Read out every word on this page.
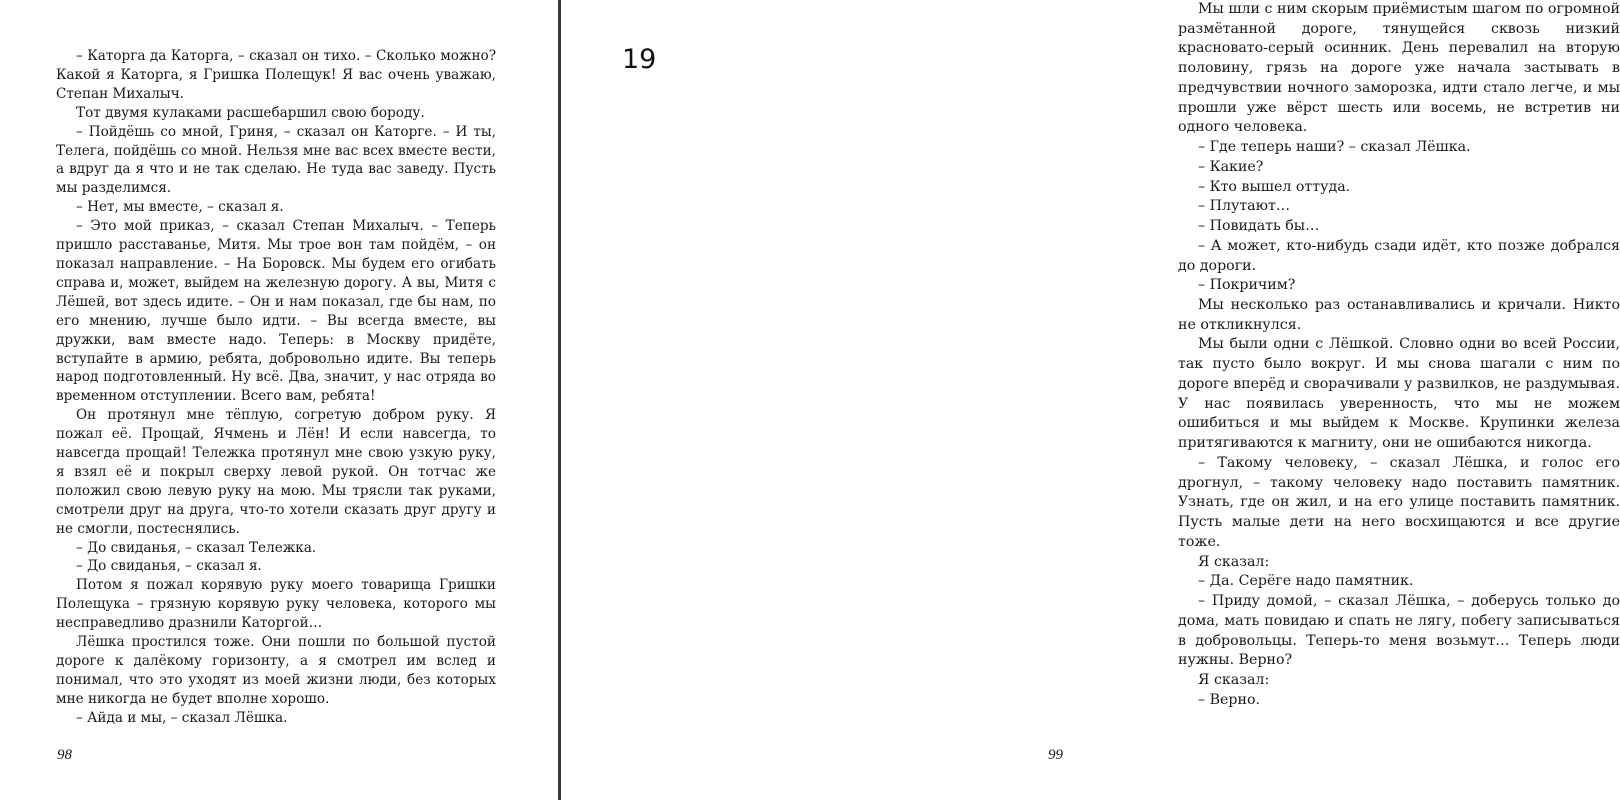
– Каторга да Каторга, – сказал он тихо. – Сколько можно? Какой я Каторга, я Гришка Полещук! Я вас очень уважаю, Степан Михалыч.

Тот двумя кулаками расшебаршил свою бороду.

– Пойдёшь со мной, Гриня, – сказал он Каторге. – И ты, Телега, пойдёшь со мной. Нельзя мне вас всех вместе вести, а вдруг да я что и не так сделаю. Не туда вас заведу. Пусть мы разделимся.

– Нет, мы вместе, – сказал я.

– Это мой приказ, – сказал Степан Михалыч. – Теперь пришло расставанье, Митя. Мы трое вон там пойдём, – он показал направление. – На Боровск. Мы будем его огибать справа и, может, выйдем на железную дорогу. А вы, Митя с Лёшей, вот здесь идите. – Он и нам показал, где бы нам, по его мнению, лучше было идти. – Вы всегда вместе, вы дружки, вам вместе надо. Теперь: в Москву придёте, вступайте в армию, ребята, добровольно идите. Вы теперь народ подготовленный. Ну всё. Два, значит, у нас отряда во временном отступлении. Всего вам, ребята!

Он протянул мне тёплую, согретую добром руку. Я пожал её. Прощай, Ячмень и Лён! И если навсегда, то навсегда прощай! Тележка протянул мне свою узкую руку, я взял её и покрыл сверху левой рукой. Он тотчас же положил свою левую руку на мою. Мы трясли так руками, смотрели друг на друга, что-то хотели сказать друг другу и не смогли, постеснялись.

– До свиданья, – сказал Тележка.

– До свиданья, – сказал я.

Потом я пожал корявую руку моего товарища Гришки Полещука – грязную корявую руку человека, которого мы несправедливо дразнили Каторгой…

Лёшка простился тоже. Они пошли по большой пустой дороге к далёкому горизонту, а я смотрел им вслед и понимал, что это уходят из моей жизни люди, без которых мне никогда не будет вполне хорошо.

– Айда и мы, – сказал Лёшка.

98
19

Мы шли с ним скорым приёмистым шагом по огромной размётанной дороге, тянущейся сквозь низкий красновато-серый осинник. День перевалил на вторую половину, грязь на дороге уже начала застывать в предчувствии ночного заморозка, идти стало легче, и мы прошли уже вёрст шесть или восемь, не встретив ни одного человека.

– Где теперь наши? – сказал Лёшка.

– Какие?

– Кто вышел оттуда.

– Плутают…

– Повидать бы…

– А может, кто-нибудь сзади идёт, кто позже добрался до дороги.

– Покричим?

Мы несколько раз останавливались и кричали. Никто не откликнулся.

Мы были одни с Лёшкой. Словно одни во всей России, так пусто было вокруг. И мы снова шагали с ним по дороге вперёд и сворачивали у развилков, не раздумывая. У нас появилась уверенность, что мы не можем ошибиться и мы выйдем к Москве. Крупинки железа притягиваются к магниту, они не ошибаются никогда.

– Такому человеку, – сказал Лёшка, и голос его дрогнул, – такому человеку надо поставить памятник. Узнать, где он жил, и на его улице поставить памятник. Пусть малые дети на него восхищаются и все другие тоже.

Я сказал:

– Да. Серёге надо памятник.

– Приду домой, – сказал Лёшка, – доберусь только до дома, мать повидаю и спать не лягу, побегу записываться в добровольцы. Теперь-то меня возьмут… Теперь люди нужны. Верно?

Я сказал:

– Верно.

99
